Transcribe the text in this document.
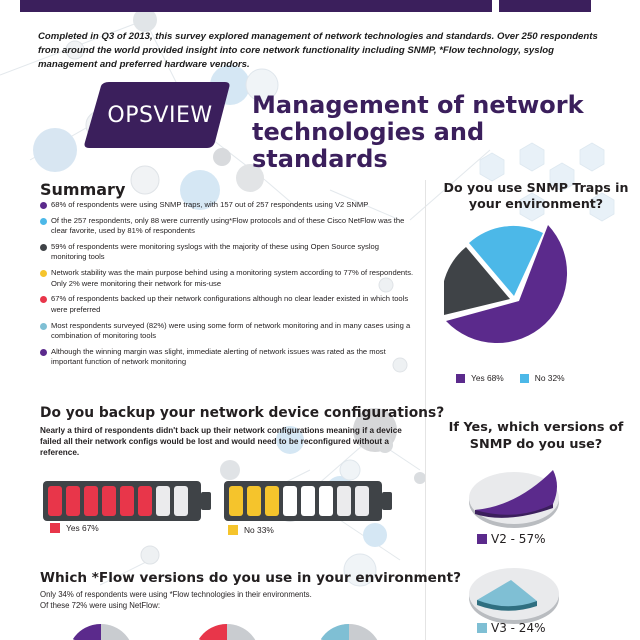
Completed in Q3 of 2013, this survey explored management of network technologies and standards. Over 250 respondents from around the world provided insight into core network functionality including SNMP, *Flow technology, syslog management and preferred hardware vendors.

OPSVIEW	Management of network technologies and standards
Summary
68% of respondents were using SNMP traps, with 157 out of 257 respondents using V2 SNMP
Of the 257 respondents, only 88 were currently using*Flow protocols and of these Cisco NetFlow was the clear favorite, used by 81% of respondents
59% of respondents were monitoring syslogs with the majority of these using Open Source syslog monitoring tools
Network stability was the main purpose behind using a monitoring system according to 77% of respondents. Only 2% were monitoring their network for mis-use
67% of respondents backed up their network configurations although no clear leader existed in which tools were preferred
Most respondents surveyed (82%) were using some form of network monitoring and in many cases using a combination of monitoring tools
Although the winning margin was slight, immediate alerting of network issues was rated as the most important function of network monitoring
Do you use SNMP Traps in your environment?
Yes 68%	No 32%
Do you backup your network device configurations?

Nearly a third of respondents didn't back up their network configurations meaning if a device failed all their network configs would be lost and would need to be reconfigured without a reference.

Yes 67%	No 33%
If Yes, which versions of SNMP do you use?
V2 - 57%
V3 - 24%
Which *Flow versions do you use in your environment?

Only 34% of respondents were using *Flow technologies in their environments.
Of these 72% were using NetFlow:
